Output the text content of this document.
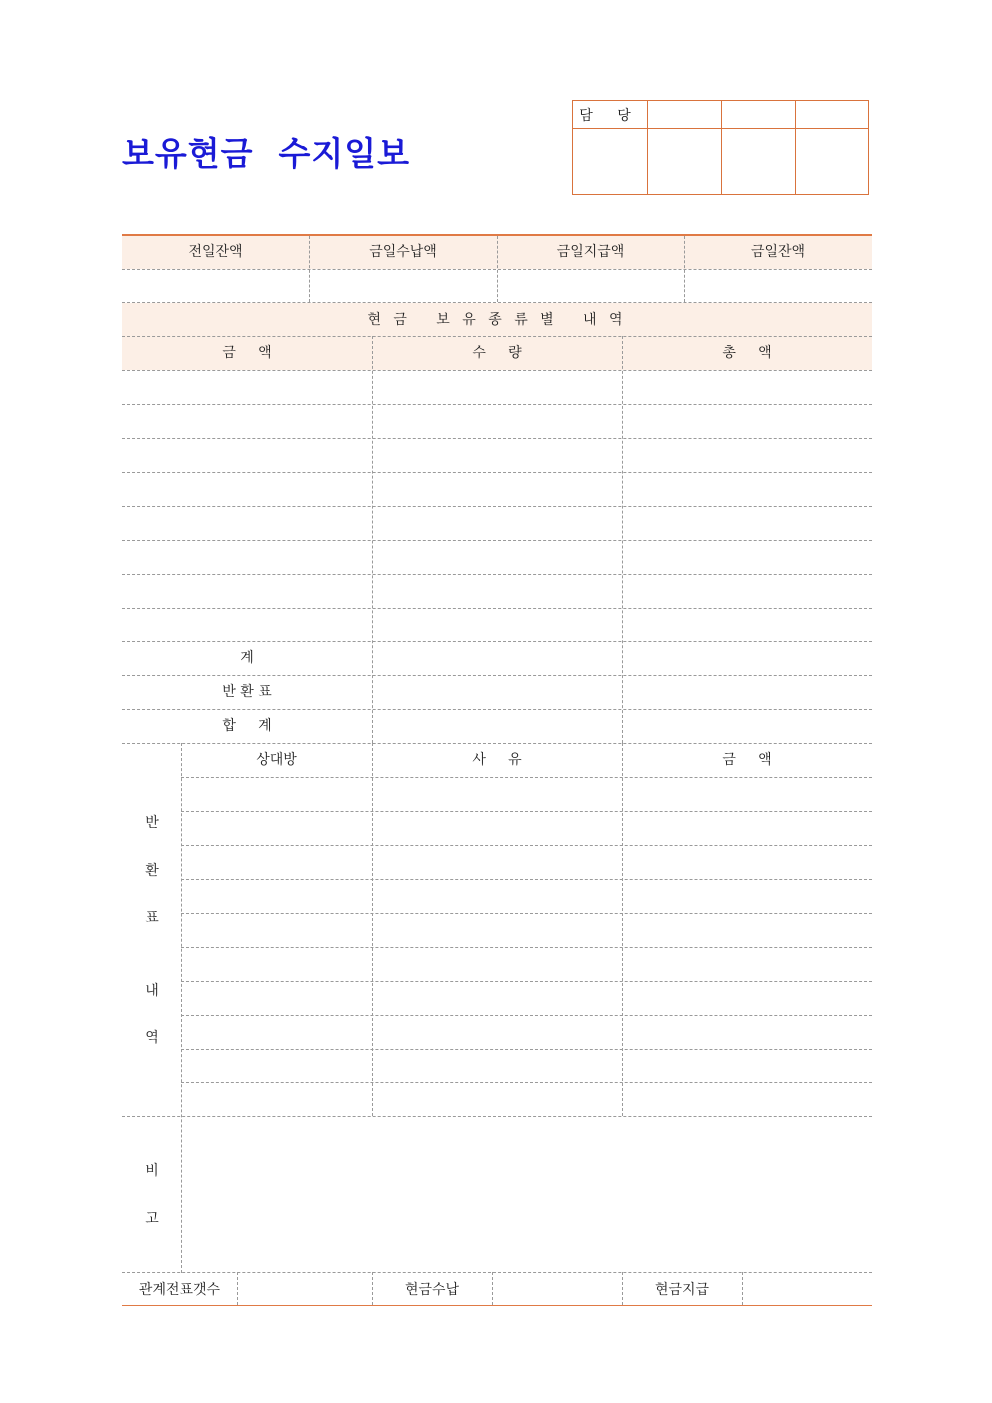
보유현금  수지일보
담 당
전일잔액	금일수납액	금일지급액	금일잔액
현 금   보 유 종 류 별   내 역
금     액	수     량	총     액
계
반 환 표
합     계
상대방	사     유	금     액
반
환
표
내
역
비
고
관계전표갯수	현금수납	현금지급
